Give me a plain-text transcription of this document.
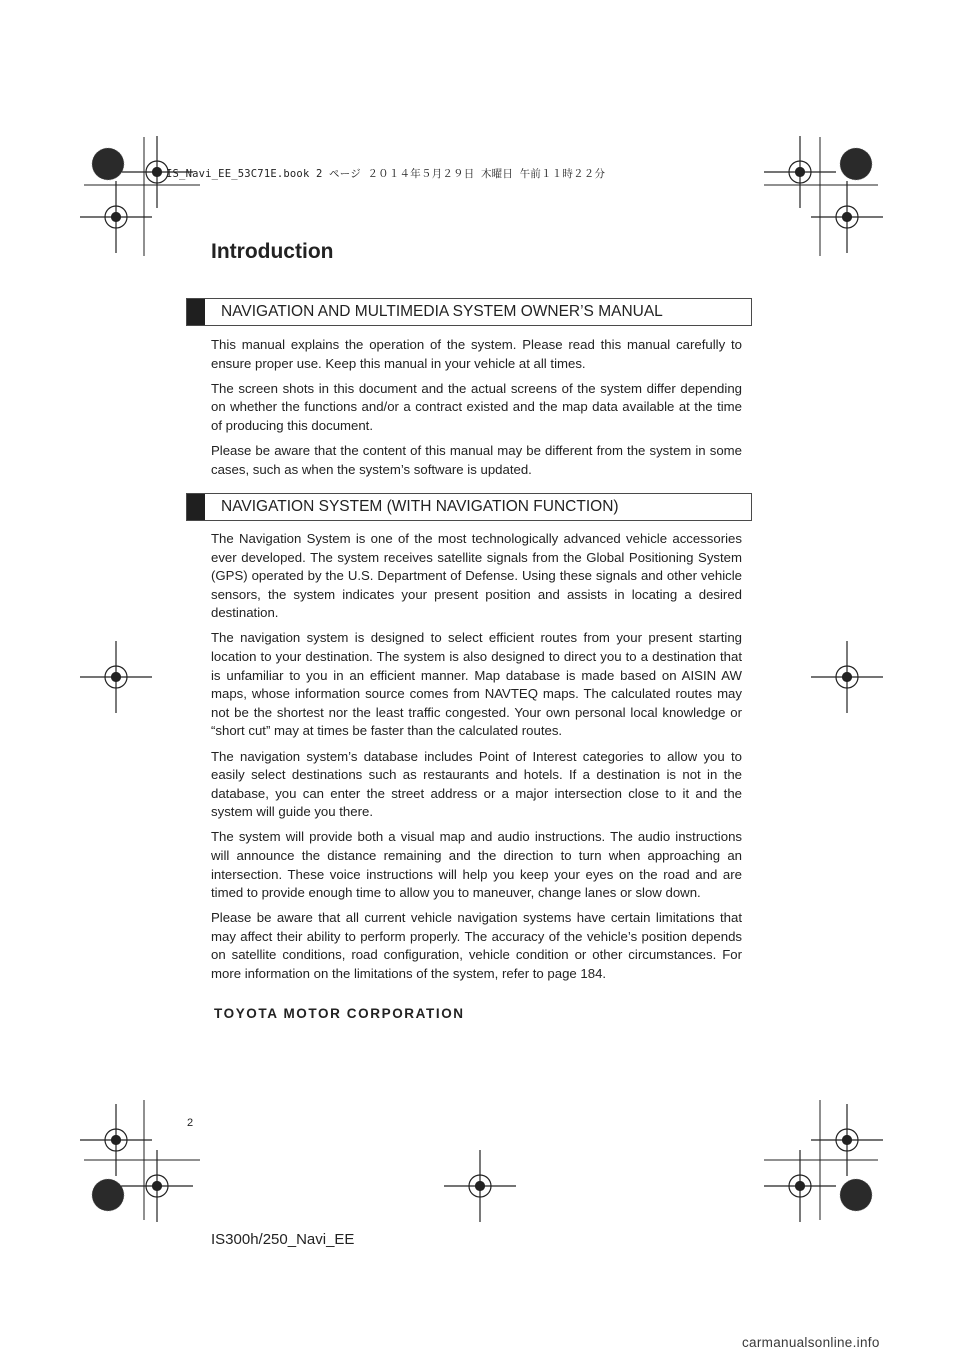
IS_Navi_EE_53C71E.book 2 ページ ２０１４年５月２９日 木曜日 午前１１時２２分
Introduction
NAVIGATION AND MULTIMEDIA SYSTEM OWNER’S MANUAL

This manual explains the operation of the system. Please read this manual carefully to ensure proper use. Keep this manual in your vehicle at all times.

The screen shots in this document and the actual screens of the system differ depending on whether the functions and/or a contract existed and the map data available at the time of producing this document.

Please be aware that the content of this manual may be different from the system in some cases, such as when the system’s software is updated.

NAVIGATION SYSTEM (WITH NAVIGATION FUNCTION)

The Navigation System is one of the most technologically advanced vehicle accessories ever developed. The system receives satellite signals from the Global Positioning System (GPS) operated by the U.S. Department of Defense. Using these signals and other vehicle sensors, the system indicates your present position and assists in locating a desired destination.

The navigation system is designed to select efficient routes from your present starting location to your destination. The system is also designed to direct you to a destination that is unfamiliar to you in an efficient manner. Map database is made based on AISIN AW maps, whose information source comes from NAVTEQ maps. The calculated routes may not be the shortest nor the least traffic congested. Your own personal local knowledge or “short cut” may at times be faster than the calculated routes.

The navigation system’s database includes Point of Interest categories to allow you to easily select destinations such as restaurants and hotels. If a destination is not in the database, you can enter the street address or a major intersection close to it and the system will guide you there.

The system will provide both a visual map and audio instructions. The audio instructions will announce the distance remaining and the direction to turn when approaching an intersection. These voice instructions will help you keep your eyes on the road and are timed to provide enough time to allow you to maneuver, change lanes or slow down.

Please be aware that all current vehicle navigation systems have certain limitations that may affect their ability to perform properly. The accuracy of the vehicle’s position depends on satellite conditions, road configuration, vehicle condition or other circumstances. For more information on the limitations of the system, refer to page 184.

TOYOTA MOTOR CORPORATION
2
IS300h/250_Navi_EE
carmanualsonline.info
